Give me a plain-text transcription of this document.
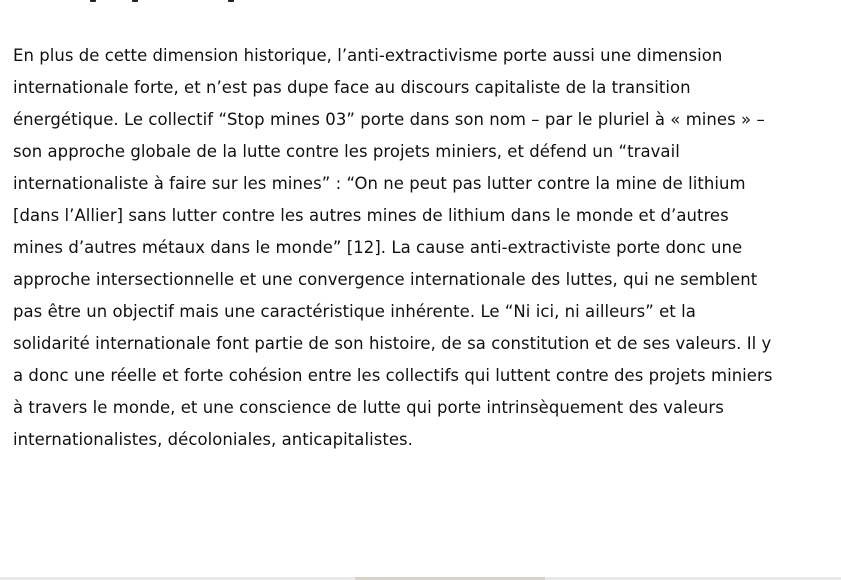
En plus de cette dimension historique, l’anti-extractivisme porte aussi une dimension
internationale forte, et n’est pas dupe face au discours capitaliste de la transition
énergétique. Le collectif “Stop mines 03” porte dans son nom – par le pluriel à « mines » –
son approche globale de la lutte contre les projets miniers, et défend un “travail
internationaliste à faire sur les mines” : “On ne peut pas lutter contre la mine de lithium
[dans l’Allier] sans lutter contre les autres mines de lithium dans le monde et d’autres
mines d’autres métaux dans le monde” [12]. La cause anti-extractiviste porte donc une
approche intersectionnelle et une convergence internationale des luttes, qui ne semblent
pas être un objectif mais une caractéristique inhérente. Le “Ni ici, ni ailleurs” et la
solidarité internationale font partie de son histoire, de sa constitution et de ses valeurs. Il y
a donc une réelle et forte cohésion entre les collectifs qui luttent contre des projets miniers
à travers le monde, et une conscience de lutte qui porte intrinsèquement des valeurs
internationalistes, décoloniales, anticapitalistes.
